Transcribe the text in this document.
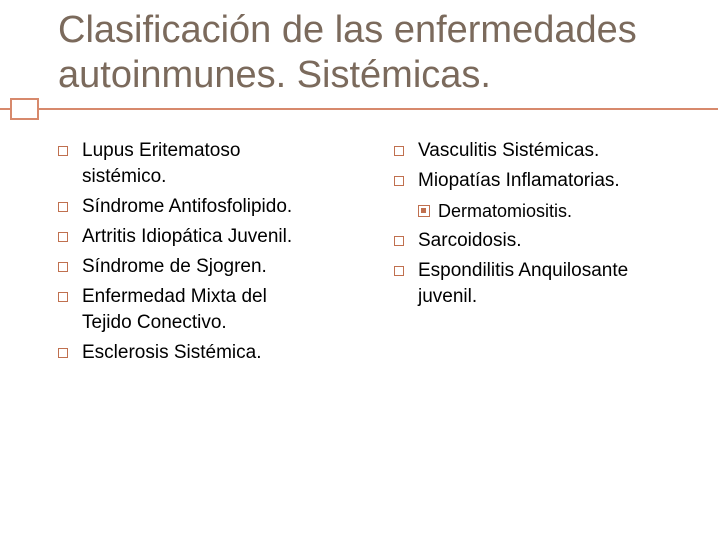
Clasificación de las enfermedades
autoinmunes. Sistémicas.
Lupus Eritematoso
sistémico.
Síndrome Antifosfolipido.
Artritis Idiopática Juvenil.
Síndrome de Sjogren.
Enfermedad Mixta del
Tejido Conectivo.
Esclerosis Sistémica.
Vasculitis Sistémicas.
Miopatías Inflamatorias.
Dermatomiositis.
Sarcoidosis.
Espondilitis Anquilosante
juvenil.
